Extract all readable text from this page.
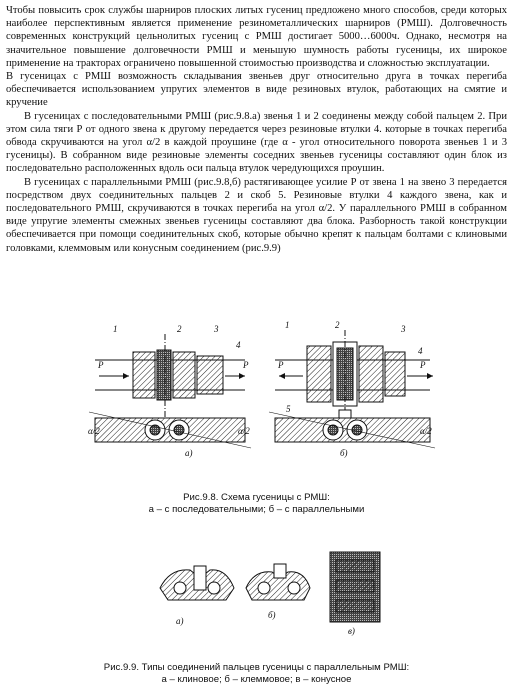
Чтобы повысить срок службы шарниров плоских литых гусениц предложено много способов, среди которых наиболее перспективным является применение резинометаллических шарниров (РМШ). Долговечность современных конструкций цельнолитых гусениц с РМШ достигает 5000…6000ч. Однако, несмотря на значительное повышение долговечности РМШ и меньшую шумность работы гусеницы, их широкое применение на тракторах ограничено повышенной стоимостью производства и сложностью эксплуатации.

В гусеницах с РМШ возможность складывания звеньев друг относительно друга в точках перегиба обеспечивается использованием упругих элементов в виде резиновых втулок, работающих на смятие и кручение

В гусеницах с последовательными РМШ (рис.9.8.а) звенья 1 и 2 соединены между собой пальцем 2. При этом сила тяги Р от одного звена к другому передается через резиновые втулки 4. которые в точках перегиба обвода скручиваются на угол α/2 в каждой проушине (где α - угол относительного поворота звеньев 1 и 3 гусеницы). В собранном виде резиновые элементы соседних звеньев гусеницы составляют один блок из последовательно расположенных вдоль оси пальца втулок чередующихся проушин.

В гусеницах с параллельными РМШ (рис.9.8,б) растягивающее усилие Р от звена 1 на звено 3 передается посредством двух соединительных пальцев 2 и скоб 5. Резиновые втулки 4 каждого звена, как и последовательного РМШ, скручиваются в точках перегиба на угол α/2. У параллельного РМШ в собранном виде упругие элементы смежных звеньев гусеницы составляют два блока. Разборность такой конструкции обеспечивается при помощи соединительных скоб, которые обычно крепят к пальцам болтами с клиновыми головками, клеммовым или конусным соединением (рис.9.9)

1	2	3
4
P	P
α/2	α/2
а)
1	2	3
4
5
P	P
α/2
б)
Рис.9.8. Схема гусеницы с РМШ:
а – с последовательными; б – с параллельными
а)
б)
в)
Рис.9.9. Типы соединений пальцев гусеницы с параллельным РМШ:
а – клиновое; б – клеммовое; в – конусное
